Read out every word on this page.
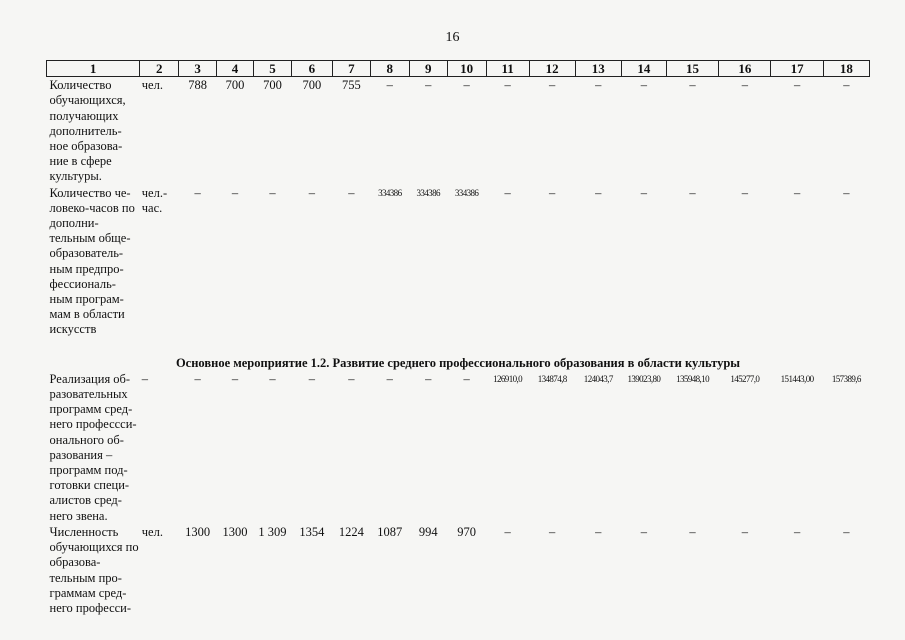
16
1	2	3	4	5	6	7	8	9	10	11	12	13	14	15	16	17	18
Количество обучающихся, получающих дополнитель-ное образова-ние в сфере культуры.	чел.	788	700	700	700	755	–	–	–	–	–	–	–	–	–	–	–
Количество че-ловеко-часов по дополни-тельным обще-образователь-ным предпро-фессиональ-ным програм-мам в области искусств	чел.-час.	–	–	–	–	–	334386	334386	334386	–	–	–	–	–	–	–	–
Основное мероприятие 1.2. Развитие среднего профессионального образования в области культуры																	
Реализация об-разовательных программ сред-него профессси-онального об-разования – программ под-готовки специ-алистов сред-него звена.	–	–	–	–	–	–	–	–	–	126910,0	134874,8	124043,7	139023,80	135948,10	145277,0	151443,00	157389,6
Численность обучающихся по образова-тельным про-граммам сред-него професси-	чел.	1300	1300	1 309	1354	1224	1087	994	970	–	–	–	–	–	–	–	–
